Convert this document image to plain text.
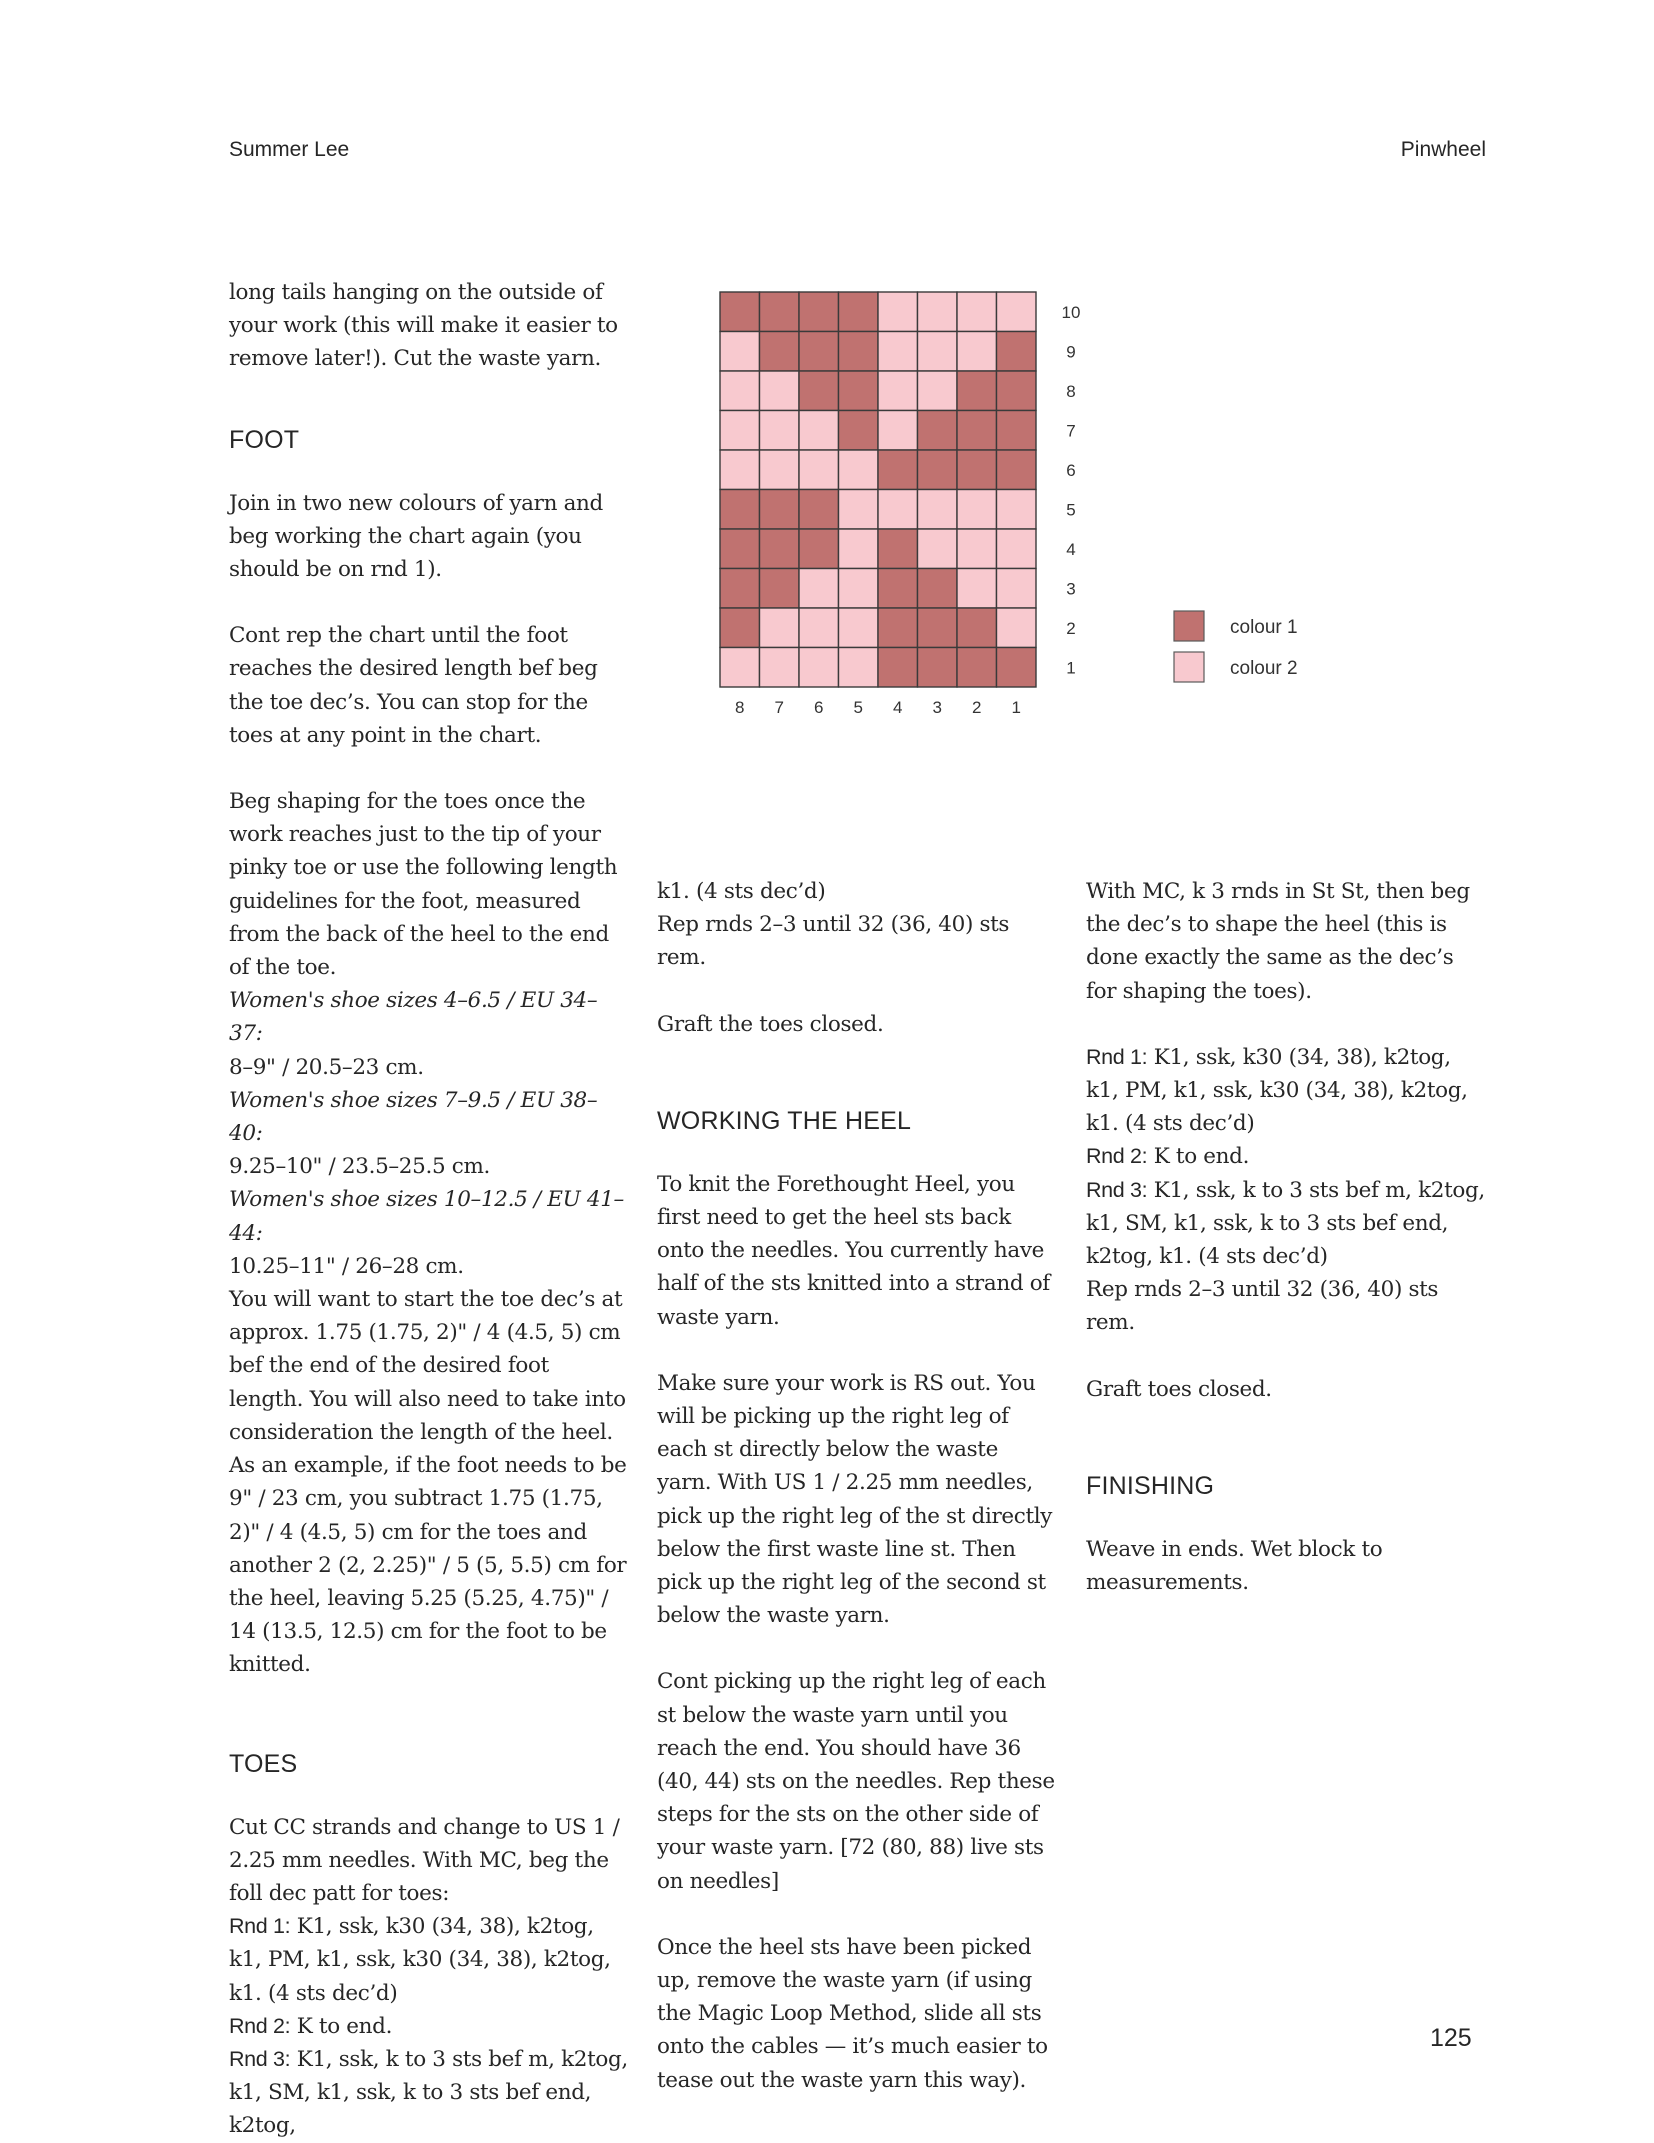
Summer Lee	Pinwheel
1
2
3
4
5
6
7
8
9
10
8 7 6 5 4 3 2 1
colour 1
colour 2

long tails hanging on the outside of your work (this will make it easier to remove later!). Cut the waste yarn.

FOOT

Join in two new colours of yarn and beg working the chart again (you should be on rnd 1).

Cont rep the chart until the foot reaches the desired length bef beg the toe dec’s. You can stop for the toes at any point in the chart.

Beg shaping for the toes once the work reaches just to the tip of your pinky toe or use the following length guidelines for the foot, measured from the back of the heel to the end of the toe.

Women's shoe sizes 4–6.5 / EU 34–37:
8–9" / 20.5–23 cm.
Women's shoe sizes 7–9.5 / EU 38–40:
9.25–10" / 23.5–25.5 cm.
Women's shoe sizes 10–12.5 / EU 41–44:
10.25–11" / 26–28 cm.

You will want to start the toe dec’s at approx. 1.75 (1.75, 2)" / 4 (4.5, 5) cm bef the end of the desired foot length. You will also need to take into consideration the length of the heel. As an example, if the foot needs to be 9" / 23 cm, you subtract 1.75 (1.75, 2)" / 4 (4.5, 5) cm for the toes and another 2 (2, 2.25)" / 5 (5, 5.5) cm for the heel, leaving 5.25 (5.25, 4.75)" / 14 (13.5, 12.5) cm for the foot to be knitted.

TOES

Cut CC strands and change to US 1 / 2.25 mm needles. With MC, beg the foll dec patt for toes:

Rnd 1: K1, ssk, k30 (34, 38), k2tog, k1, PM, k1, ssk, k30 (34, 38), k2tog, k1. (4 sts dec’d)
Rnd 2: K to end.
Rnd 3: K1, ssk, k to 3 sts bef m, k2tog, k1, SM, k1, ssk, k to 3 sts bef end, k2tog,
k1. (4 sts dec’d)

Rep rnds 2–3 until 32 (36, 40) sts rem.

Graft the toes closed.

WORKING THE HEEL

To knit the Forethought Heel, you first need to get the heel sts back onto the needles. You currently have half of the sts knitted into a strand of waste yarn.

Make sure your work is RS out. You will be picking up the right leg of each st directly below the waste yarn. With US 1 / 2.25 mm needles, pick up the right leg of the st directly below the first waste line st. Then pick up the right leg of the second st below the waste yarn.

Cont picking up the right leg of each st below the waste yarn until you reach the end. You should have 36 (40, 44) sts on the needles. Rep these steps for the sts on the other side of your waste yarn. [72 (80, 88) live sts on needles]

Once the heel sts have been picked up, remove the waste yarn (if using the Magic Loop Method, slide all sts onto the cables — it’s much easier to tease out the waste yarn this way).

With MC, k 3 rnds in St St, then beg the dec’s to shape the heel (this is done exactly the same as the dec’s for shaping the toes).

Rnd 1: K1, ssk, k30 (34, 38), k2tog, k1, PM, k1, ssk, k30 (34, 38), k2tog, k1. (4 sts dec’d)
Rnd 2: K to end.
Rnd 3: K1, ssk, k to 3 sts bef m, k2tog, k1, SM, k1, ssk, k to 3 sts bef end, k2tog, k1. (4 sts dec’d)

Rep rnds 2–3 until 32 (36, 40) sts rem.

Graft toes closed.

FINISHING

Weave in ends. Wet block to measurements.

125
